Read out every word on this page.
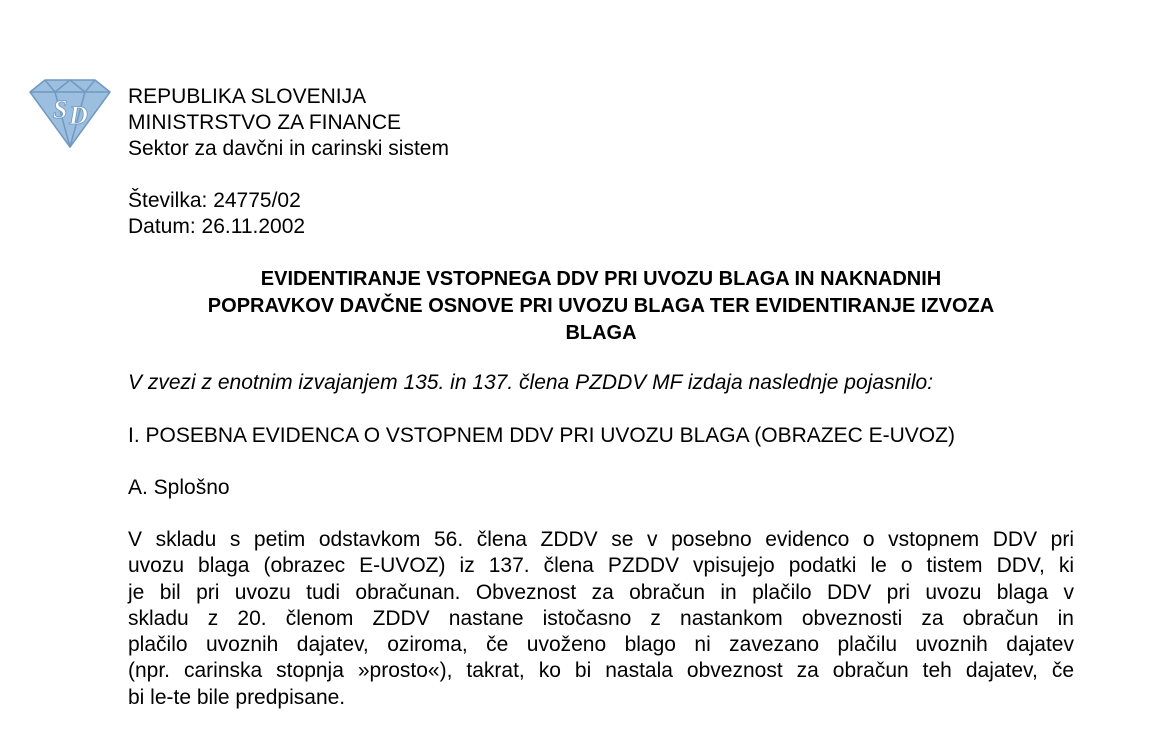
S D
REPUBLIKA SLOVENIJA
MINISTRSTVO ZA FINANCE
Sektor za davčni in carinski sistem
Številka: 24775/02
Datum: 26.11.2002
EVIDENTIRANJE VSTOPNEGA DDV PRI UVOZU BLAGA IN NAKNADNIH
POPRAVKOV DAVČNE OSNOVE PRI UVOZU BLAGA TER EVIDENTIRANJE IZVOZA
BLAGA
V zvezi z enotnim izvajanjem 135. in 137. člena PZDDV MF izdaja naslednje pojasnilo:
I. POSEBNA EVIDENCA O VSTOPNEM DDV PRI UVOZU BLAGA (OBRAZEC E-UVOZ)
A. Splošno
V skladu s petim odstavkom 56. člena ZDDV se v posebno evidenco o vstopnem DDV pri
uvozu blaga (obrazec E-UVOZ) iz 137. člena PZDDV vpisujejo podatki le o tistem DDV, ki
je bil pri uvozu tudi obračunan. Obveznost za obračun in plačilo DDV pri uvozu blaga v
skladu z 20. členom ZDDV nastane istočasno z nastankom obveznosti za obračun in
plačilo uvoznih dajatev, oziroma, če uvoženo blago ni zavezano plačilu uvoznih dajatev
(npr. carinska stopnja »prosto«), takrat, ko bi nastala obveznost za obračun teh dajatev, če
bi le-te bile predpisane.
